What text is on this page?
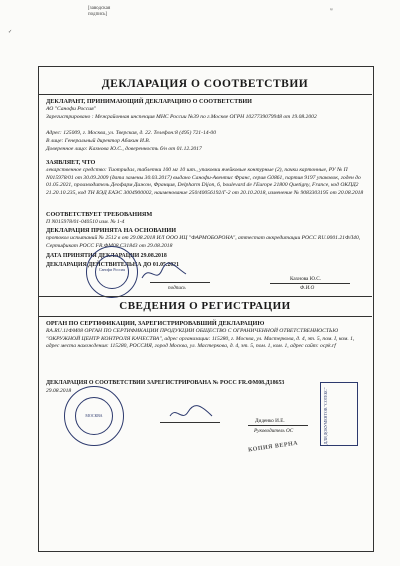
[заводская подпись]
✓
≈
ДЕКЛАРАЦИЯ О СООТВЕТСТВИИ
ДЕКЛАРАНТ, ПРИНИМАЮЩИЙ ДЕКЛАРАЦИЮ О СООТВЕТСТВИИ
АО "Санофи Россия"
Зарегистрировано : Межрайонная инспекция МНС России №39 по г.Москве ОГРН 1027739079948 от 19.08.2002
Адрес: 125009, г. Москва, ул. Тверская, д. 22. Телефон:8 (495) 721-14-00
В лице: Генеральный директор Абакин И.В.
Доверенное лицо: Кахнова Ю.С., доверенность б/н от 01.12.2017
ЗАЯВЛЯЕТ, ЧТО
лекарственное средство: Тиотридал, таблетки 100 мг 10 шт., упаковки ячейковые контурные (2), пачки картонные, РУ № П N015978/01 от 30.09.2009 (дата замены 30.03.2017) выдано Санофи-Авентис Франс, серия G0861, партия 9197 упаковок, годен до 01.05.2021, производитель Деофарм Дижон, Франция, Delpharm Dijon, 6, boulevard de l'Europe 21800 Quetigny, France, код ОКПД2 21.20.10.235, код ТН ВЭД ЕАЭС 3004900002, наименование 250/40056192/Г-2 от 20.10.2018, изменение № 9083303195 от 20.08.2018
СООТВЕТСТВУЕТ ТРЕБОВАНИЯМ
П N015978/01-040510 изм. № 1-4
ДЕКЛАРАЦИЯ ПРИНЯТА НА ОСНОВАНИИ
протокол испытаний № 2512 в от 29.08.2018 ИЛ ООО ИЦ "ФАРМОБОРОНА", аттестат аккредитации РОСС RU.0001.21ФЛ40, Сертификат РОСС FR.ФМ08.С31843 от 29.08.2018
ДАТА ПРИНЯТИЯ ДЕКЛАРАЦИИ 29.08.2018
ДЕКЛАРАЦИЯ ДЕЙСТВИТЕЛЬНА ДО 01.05.2021
Санофи Россия
подпись
Кахнова Ю.С.
Ф.И.О
СВЕДЕНИЯ О РЕГИСТРАЦИИ
ОРГАН ПО СЕРТИФИКАЦИИ, ЗАРЕГИСТРИРОВАВШИЙ ДЕКЛАРАЦИЮ
RA.RU.11ФМ08 ОРГАН ПО СЕРТИФИКАЦИИ ПРОДУКЦИИ ОБЩЕСТВО С ОГРАНИЧЕННОЙ ОТВЕТСТВЕННОСТЬЮ "ОКРУЖНОЙ ЦЕНТР КОНТРОЛЯ КАЧЕСТВА", адрес организации: 115280, г. Москва, ул. Мастеркова, д. 4, эт. 5, пом. I, ком. 1, адрес места нахождения: 115280, РОССИЯ, город Москва, ул. Мастеркова, д. 4, эт. 5, пом. 1, ком. 1, адрес сайт: ocpk.rf
ДЕКЛАРАЦИЯ О СООТВЕТСТВИИ ЗАРЕГИСТРИРОВАНА № РОСС FR.ФМ08.Д18653
29.08.2018
МОСКВА
Диденко И.Е.
Руководитель ОС	ДЛЯ ДОКУМЕНТОВ "СОТЕКС"
КОПИЯ ВЕРНА
